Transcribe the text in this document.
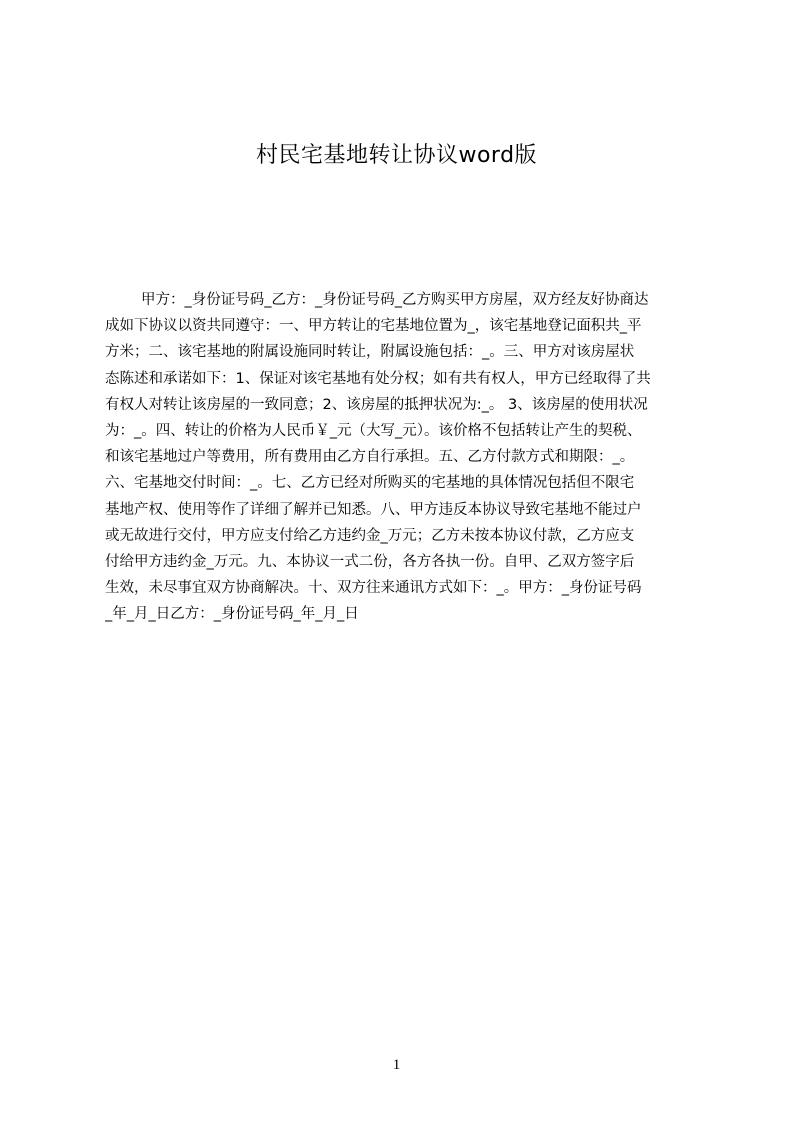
村民宅基地转让协议word版
甲方：_身份证号码_乙方：_身份证号码_乙方购买甲方房屋，双方经友好协商达
成如下协议以资共同遵守：一、甲方转让的宅基地位置为_，该宅基地登记面积共_平
方米；二、该宅基地的附属设施同时转让，附属设施包括：_。三、甲方对该房屋状
态陈述和承诺如下：1、保证对该宅基地有处分权；如有共有权人，甲方已经取得了共
有权人对转让该房屋的一致同意；2、该房屋的抵押状况为:_。 3、该房屋的使用状况
为：_。四、转让的价格为人民币￥_元（大写_元）。该价格不包括转让产生的契税、
和该宅基地过户等费用，所有费用由乙方自行承担。五、乙方付款方式和期限：_。
六、宅基地交付时间：_。七、乙方已经对所购买的宅基地的具体情况包括但不限宅
基地产权、使用等作了详细了解并已知悉。八、甲方违反本协议导致宅基地不能过户
或无故进行交付，甲方应支付给乙方违约金_万元；乙方未按本协议付款，乙方应支
付给甲方违约金_万元。九、本协议一式二份，各方各执一份。自甲、乙双方签字后
生效，未尽事宜双方协商解决。十、双方往来通讯方式如下：_。甲方：_身份证号码
_年_月_日乙方：_身份证号码_年_月_日
1
